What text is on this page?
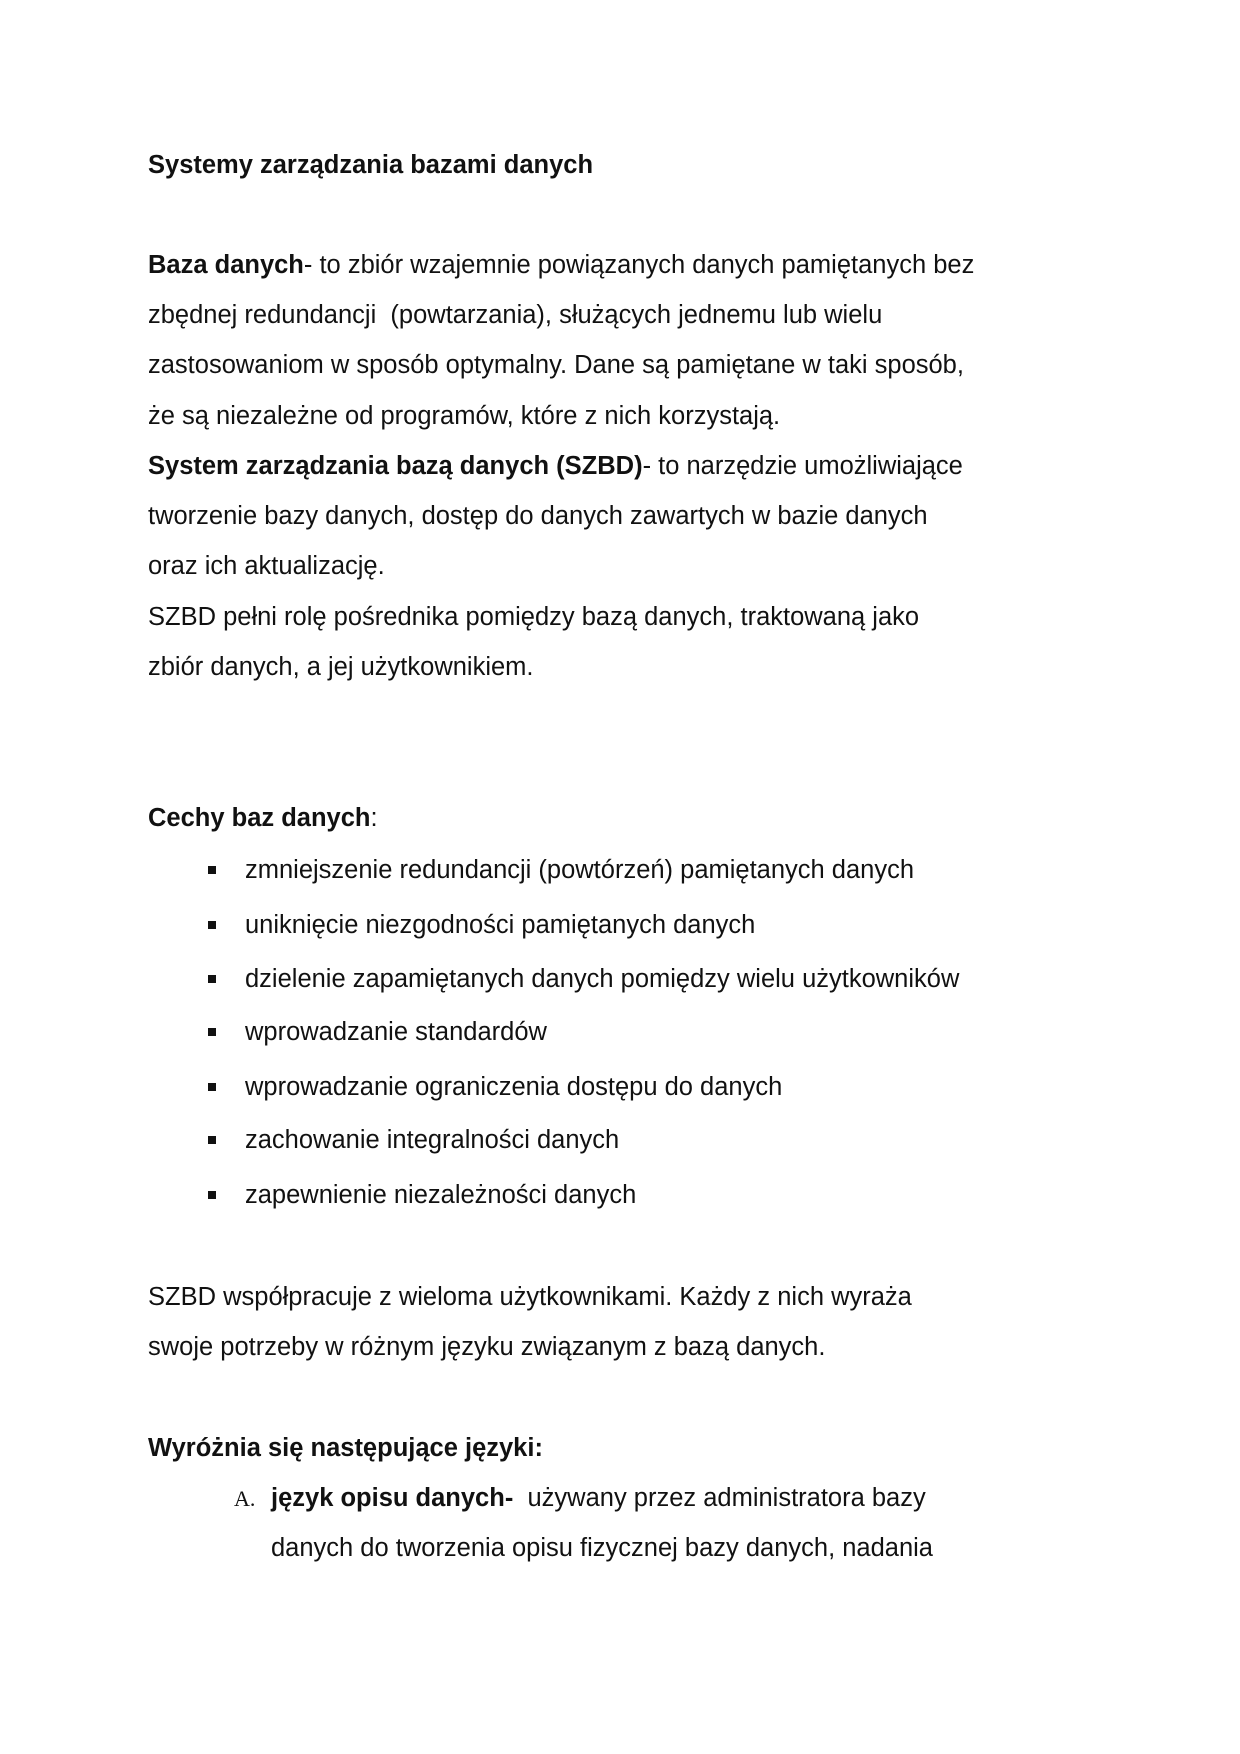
Systemy zarządzania bazami danych
Baza danych- to zbiór wzajemnie powiązanych danych pamiętanych bez
zbędnej redundancji  (powtarzania), służących jednemu lub wielu
zastosowaniom w sposób optymalny. Dane są pamiętane w taki sposób,
że są niezależne od programów, które z nich korzystają.
System zarządzania bazą danych (SZBD)- to narzędzie umożliwiające
tworzenie bazy danych, dostęp do danych zawartych w bazie danych
oraz ich aktualizację.
SZBD pełni rolę pośrednika pomiędzy bazą danych, traktowaną jako
zbiór danych, a jej użytkownikiem.
Cechy baz danych:
zmniejszenie redundancji (powtórzeń) pamiętanych danych
uniknięcie niezgodności pamiętanych danych
dzielenie zapamiętanych danych pomiędzy wielu użytkowników
wprowadzanie standardów
wprowadzanie ograniczenia dostępu do danych
zachowanie integralności danych
zapewnienie niezależności danych
SZBD współpracuje z wieloma użytkownikami. Każdy z nich wyraża
swoje potrzeby w różnym języku związanym z bazą danych.
Wyróżnia się następujące języki:
A. język opisu danych-  używany przez administratora bazy
danych do tworzenia opisu fizycznej bazy danych, nadania
